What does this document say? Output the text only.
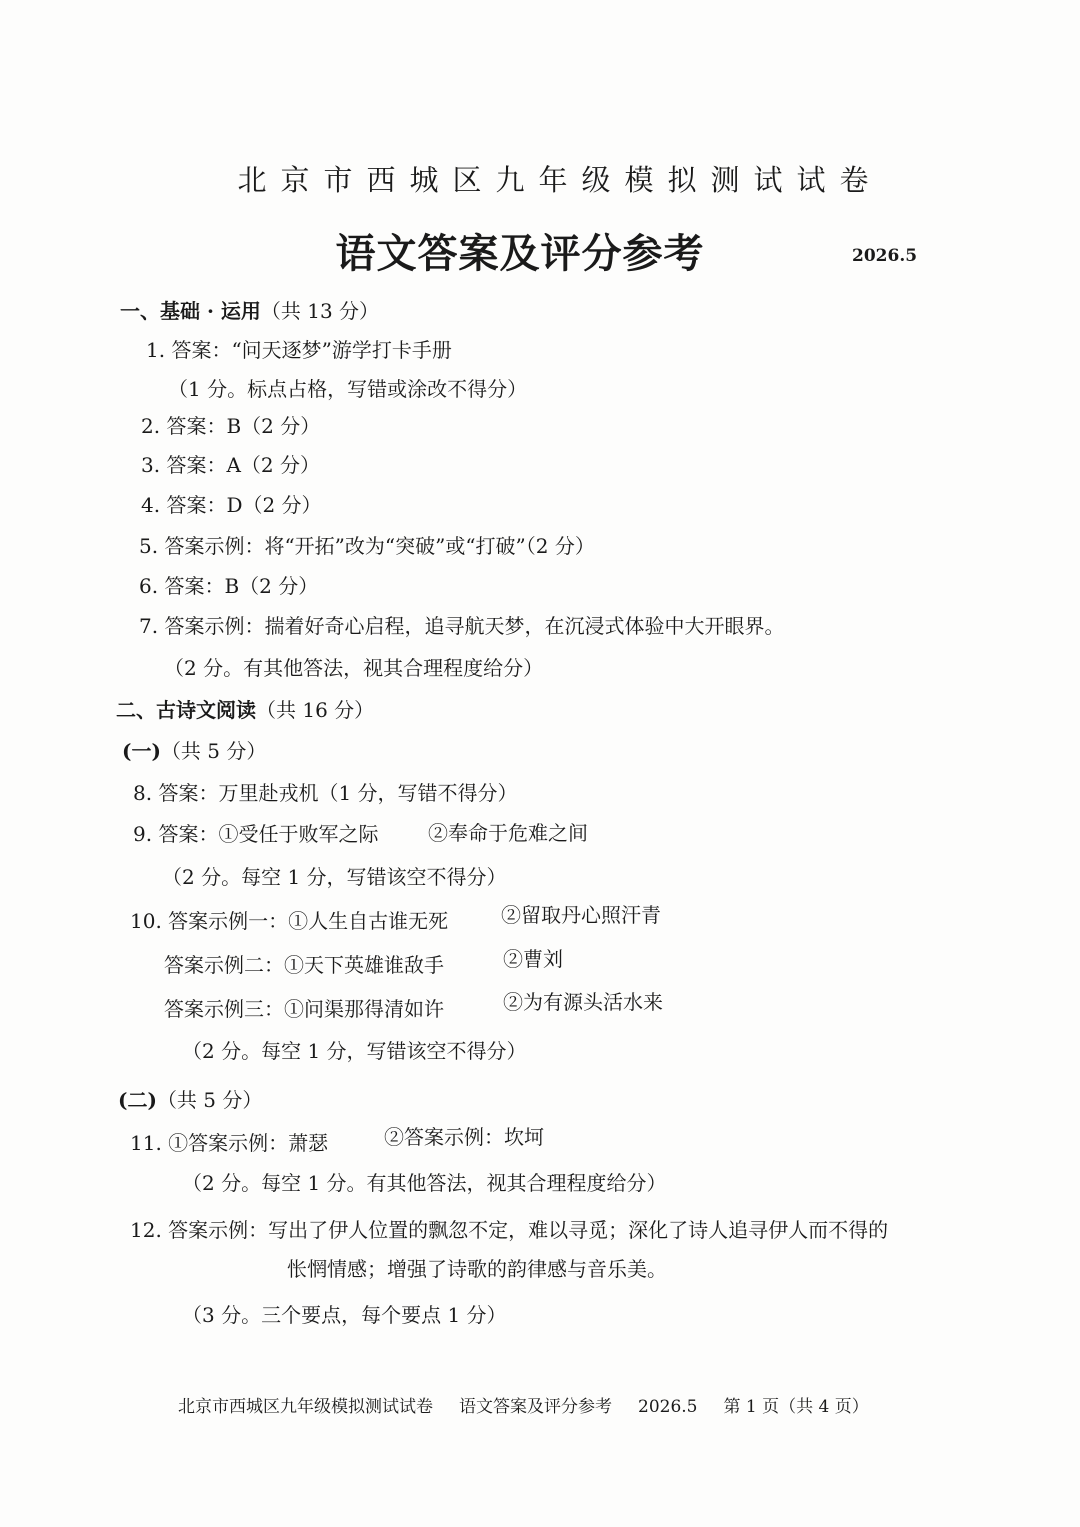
北京市西城区九年级模拟测试试卷
语文答案及评分参考	2026.5
一、基础 · 运用（共 13 分）
1. 答案：“问天逐梦”游学打卡手册
（1 分。标点占格，写错或涂改不得分）
2. 答案：B（2 分）
3. 答案：A（2 分）
4. 答案：D（2 分）
5. 答案示例：将“开拓”改为“突破”或“打破”（2 分）
6. 答案：B（2 分）
7. 答案示例：揣着好奇心启程，追寻航天梦，在沉浸式体验中大开眼界。
（2 分。有其他答法，视其合理程度给分）
二、古诗文阅读（共 16 分）
(一)（共 5 分）
8. 答案：万里赴戎机（1 分，写错不得分）
9. 答案：①受任于败军之际 ②奉命于危难之间
（2 分。每空 1 分，写错该空不得分）
10. 答案示例一：①人生自古谁无死	②留取丹心照汗青
答案示例二：①天下英雄谁敌手	②曹刘
答案示例三：①问渠那得清如许	②为有源头活水来
（2 分。每空 1 分，写错该空不得分）
(二)（共 5 分）
11. ①答案示例：萧瑟	②答案示例：坎坷
（2 分。每空 1 分。有其他答法，视其合理程度给分）
12. 答案示例：写出了伊人位置的飘忽不定，难以寻觅；深化了诗人追寻伊人而不得的
怅惘情感；增强了诗歌的韵律感与音乐美。
（3 分。三个要点，每个要点 1 分）
北京市西城区九年级模拟测试试卷 语文答案及评分参考 2026.5 第 1 页（共 4 页）
